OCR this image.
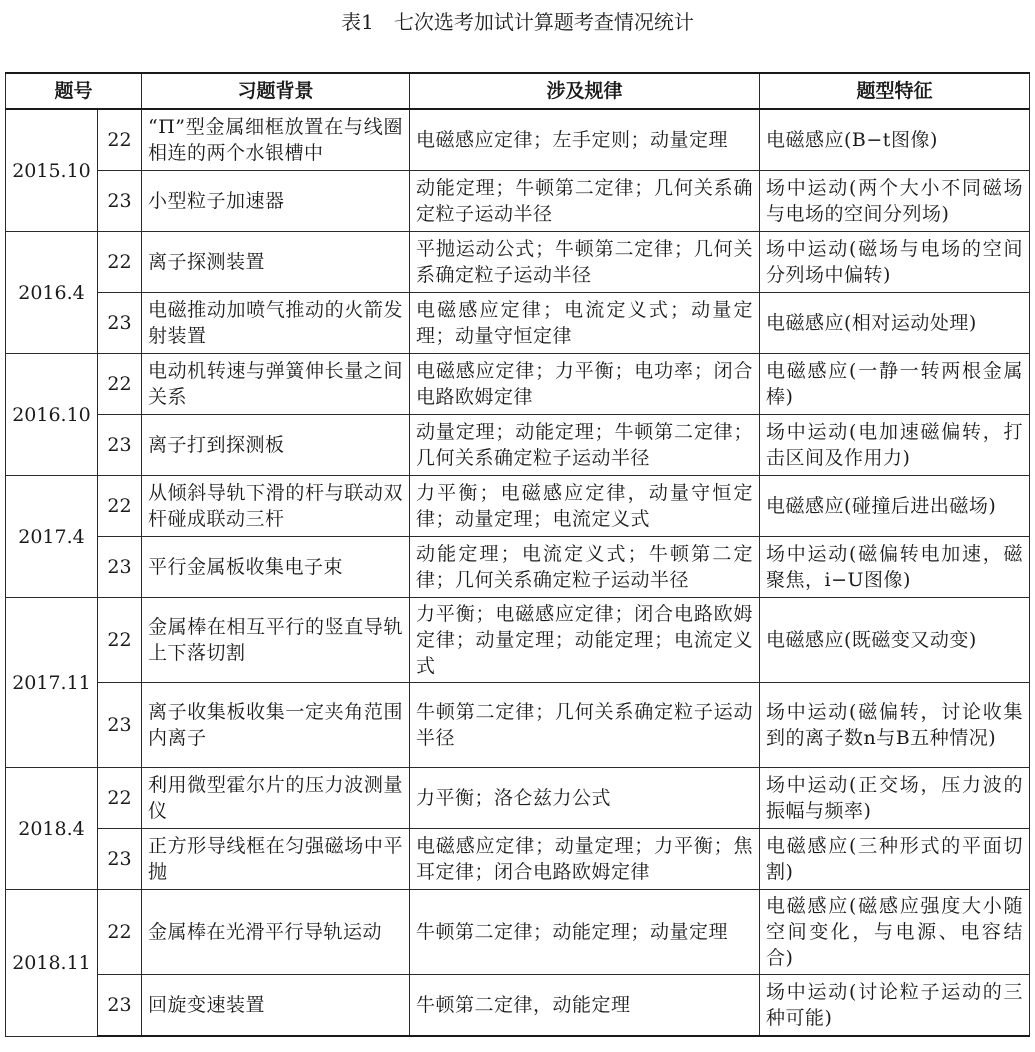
表1　七次选考加试计算题考查情况统计
题号		习题背景	涉及规律	题型特征
2015.10	22	“П”型金属细框放置在与线圈相连的两个水银槽中	电磁感应定律；左手定则；动量定理	电磁感应(B−t图像)
	23	小型粒子加速器	动能定理；牛顿第二定律；几何关系确定粒子运动半径	场中运动(两个大小不同磁场与电场的空间分列场)
2016.4	22	离子探测装置	平抛运动公式；牛顿第二定律；几何关系确定粒子运动半径	场中运动(磁场与电场的空间分列场中偏转)
	23	电磁推动加喷气推动的火箭发射装置	电磁感应定律；电流定义式；动量定理；动量守恒定律	电磁感应(相对运动处理)
2016.10	22	电动机转速与弹簧伸长量之间关系	电磁感应定律；力平衡；电功率；闭合电路欧姆定律	电磁感应(一静一转两根金属棒)
	23	离子打到探测板	动量定理；动能定理；牛顿第二定律；几何关系确定粒子运动半径	场中运动(电加速磁偏转，打击区间及作用力)
2017.4	22	从倾斜导轨下滑的杆与联动双杆碰成联动三杆	力平衡；电磁感应定律，动量守恒定律；动量定理；电流定义式	电磁感应(碰撞后进出磁场)
	23	平行金属板收集电子束	动能定理；电流定义式；牛顿第二定律；几何关系确定粒子运动半径	场中运动(磁偏转电加速，磁聚焦，i−U图像)
2017.11	22	金属棒在相互平行的竖直导轨上下落切割	力平衡；电磁感应定律；闭合电路欧姆定律；动量定理；动能定理；电流定义式	电磁感应(既磁变又动变)
	23	离子收集板收集一定夹角范围内离子	牛顿第二定律；几何关系确定粒子运动半径	场中运动(磁偏转，讨论收集到的离子数n与B五种情况)
2018.4	22	利用微型霍尔片的压力波测量仪	力平衡；洛仑兹力公式	场中运动(正交场，压力波的振幅与频率)
	23	正方形导线框在匀强磁场中平抛	电磁感应定律；动量定理；力平衡；焦耳定律；闭合电路欧姆定律	电磁感应(三种形式的平面切割)
2018.11	22	金属棒在光滑平行导轨运动	牛顿第二定律；动能定理；动量定理	电磁感应(磁感应强度大小随空间变化，与电源、电容结合)
	23	回旋变速装置	牛顿第二定律，动能定理	场中运动(讨论粒子运动的三种可能)
